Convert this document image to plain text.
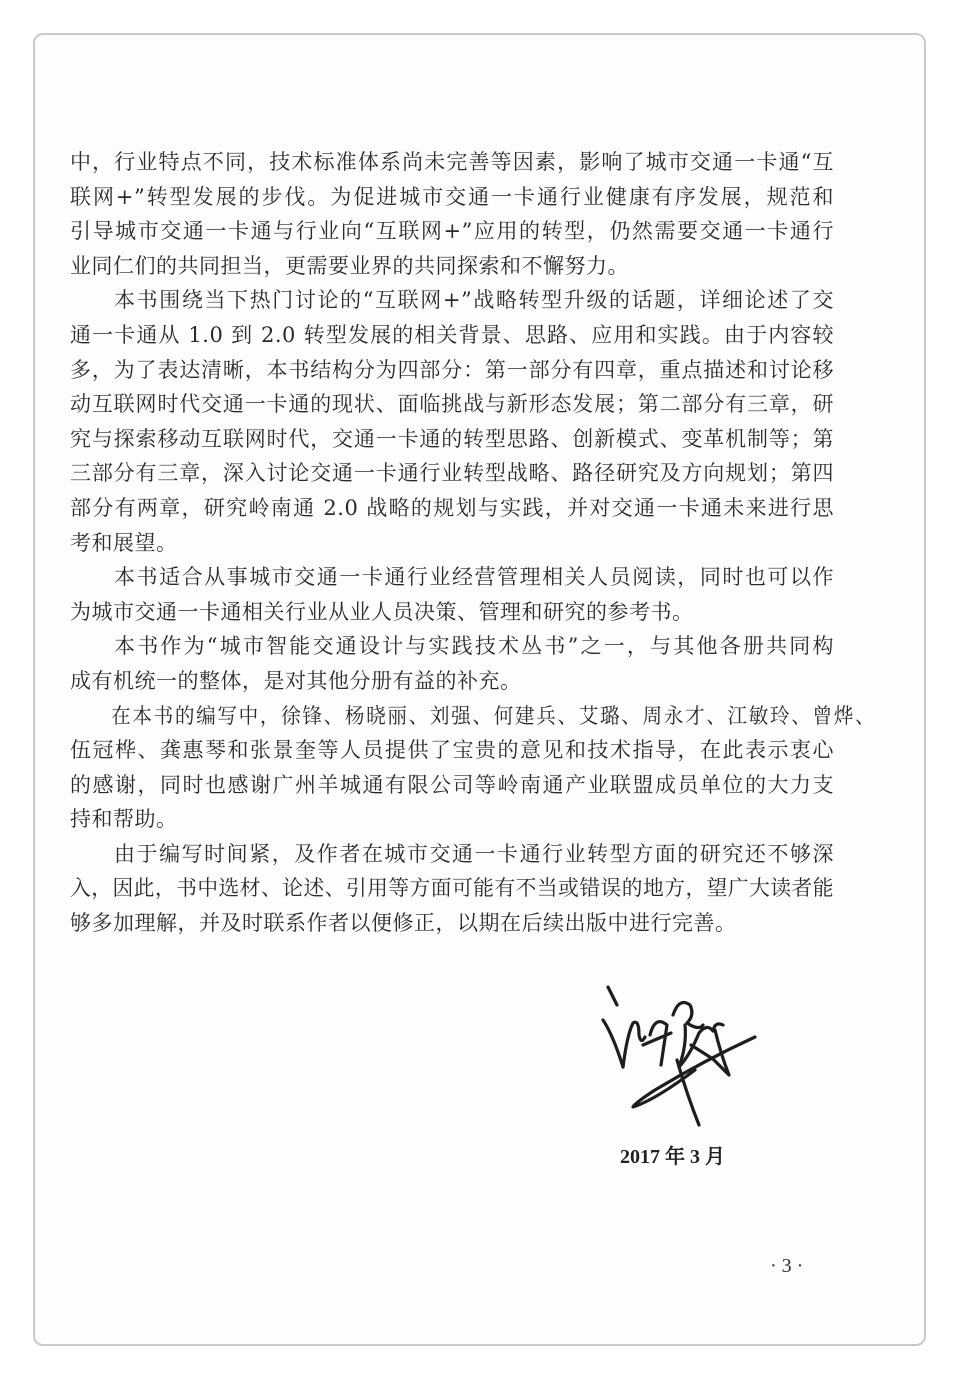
中，行业特点不同，技术标准体系尚未完善等因素，影响了城市交通一卡通“互
联网+”转型发展的步伐。为促进城市交通一卡通行业健康有序发展，规范和
引导城市交通一卡通与行业向“互联网+”应用的转型，仍然需要交通一卡通行
业同仁们的共同担当，更需要业界的共同探索和不懈努力。
本书围绕当下热门讨论的“互联网+”战略转型升级的话题，详细论述了交
通一卡通从 1.0 到 2.0 转型发展的相关背景、思路、应用和实践。由于内容较
多，为了表达清晰，本书结构分为四部分：第一部分有四章，重点描述和讨论移
动互联网时代交通一卡通的现状、面临挑战与新形态发展；第二部分有三章，研
究与探索移动互联网时代，交通一卡通的转型思路、创新模式、变革机制等；第
三部分有三章，深入讨论交通一卡通行业转型战略、路径研究及方向规划；第四
部分有两章，研究岭南通 2.0 战略的规划与实践，并对交通一卡通未来进行思
考和展望。
本书适合从事城市交通一卡通行业经营管理相关人员阅读，同时也可以作
为城市交通一卡通相关行业从业人员决策、管理和研究的参考书。
本书作为“城市智能交通设计与实践技术丛书”之一，与其他各册共同构
成有机统一的整体，是对其他分册有益的补充。
在本书的编写中，徐锋、杨晓丽、刘强、何建兵、艾璐、周永才、江敏玲、曾烨、
伍冠桦、龚惠琴和张景奎等人员提供了宝贵的意见和技术指导，在此表示衷心
的感谢，同时也感谢广州羊城通有限公司等岭南通产业联盟成员单位的大力支
持和帮助。
由于编写时间紧，及作者在城市交通一卡通行业转型方面的研究还不够深
入，因此，书中选材、论述、引用等方面可能有不当或错误的地方，望广大读者能
够多加理解，并及时联系作者以便修正，以期在后续出版中进行完善。
2017 年 3 月
· 3 ·
